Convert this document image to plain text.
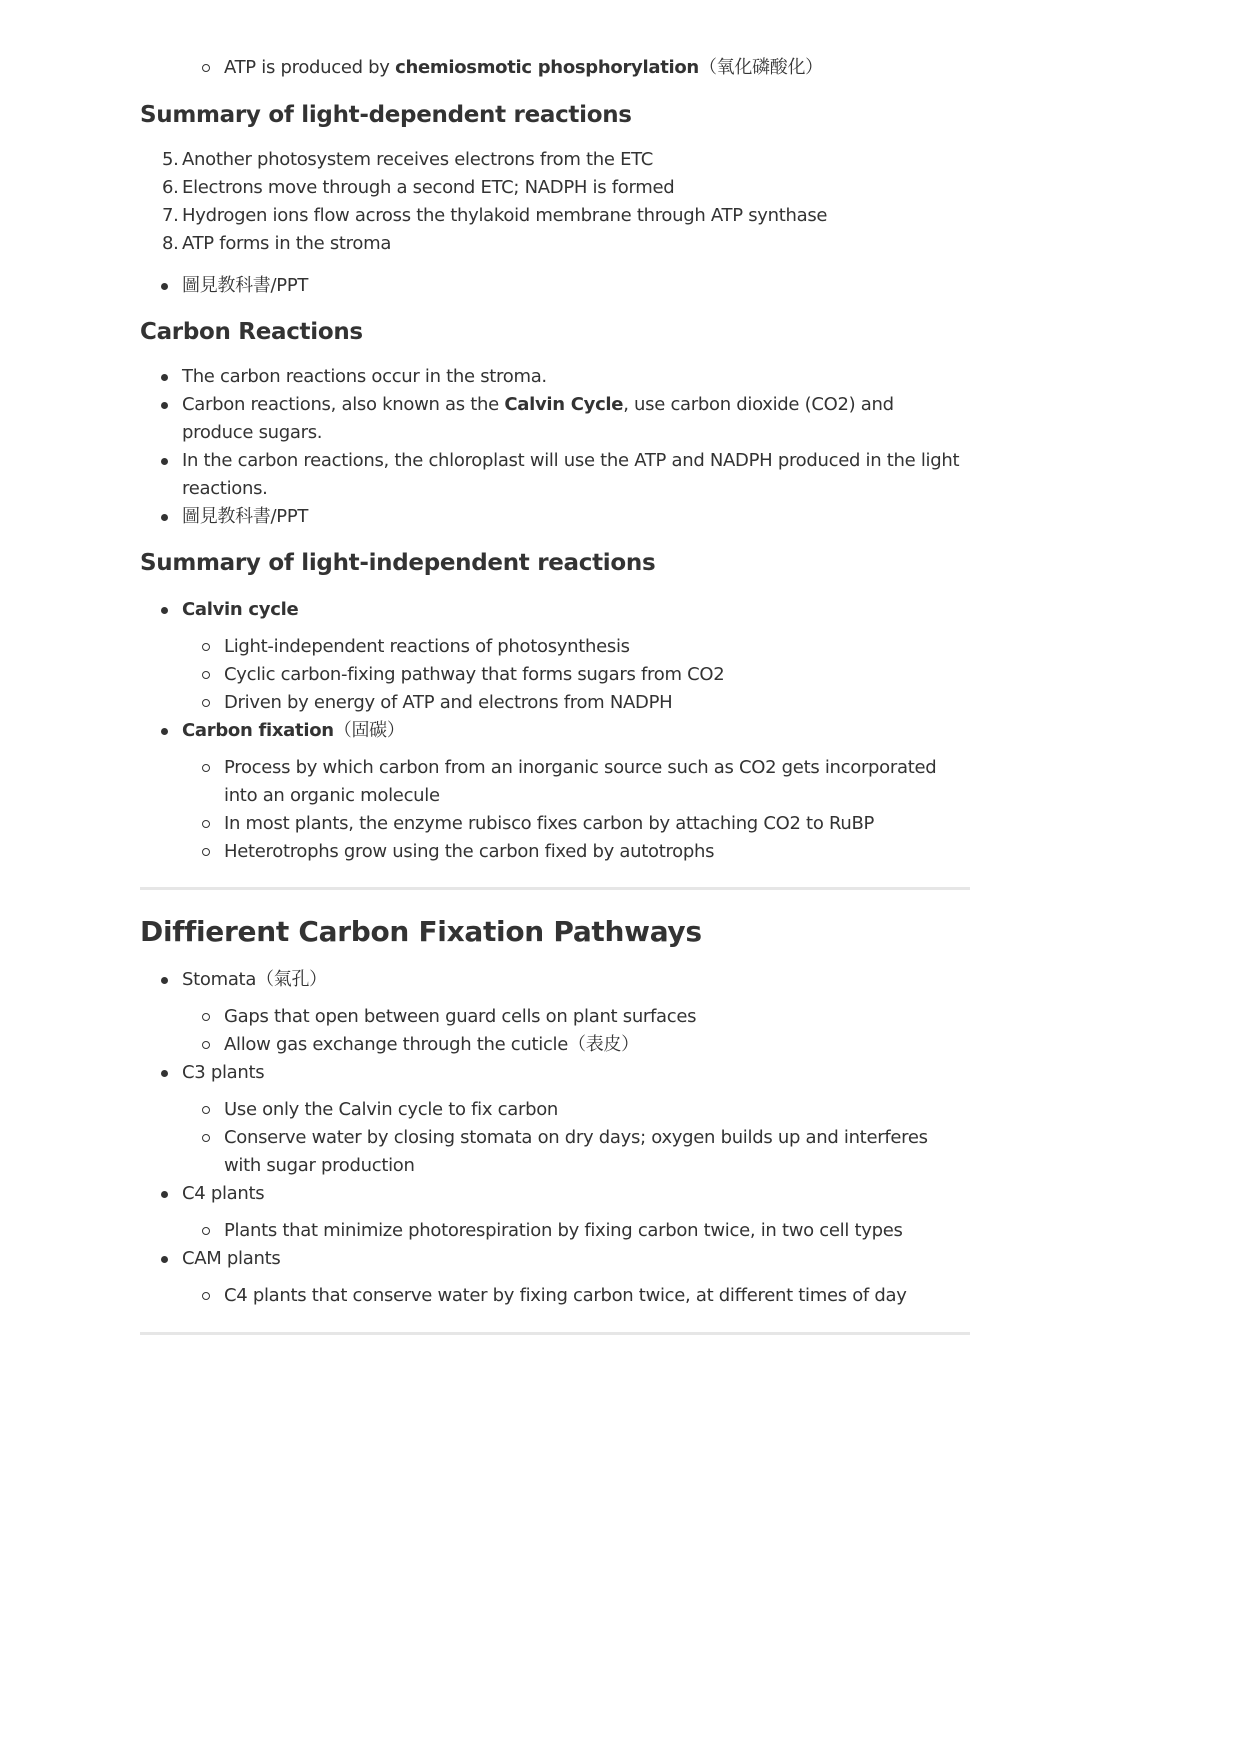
ATP is produced by chemiosmotic phosphorylation（氧化磷酸化）
Summary of light-dependent reactions
5. Another photosystem receives electrons from the ETC
6. Electrons move through a second ETC; NADPH is formed
7. Hydrogen ions flow across the thylakoid membrane through ATP synthase
8. ATP forms in the stroma
圖見教科書/PPT
Carbon Reactions
The carbon reactions occur in the stroma.
Carbon reactions, also known as the Calvin Cycle, use carbon dioxide (CO2) and produce sugars.
In the carbon reactions, the chloroplast will use the ATP and NADPH produced in the light reactions.
圖見教科書/PPT
Summary of light-independent reactions
Calvin cycle
Light-independent reactions of photosynthesis
Cyclic carbon-fixing pathway that forms sugars from CO2
Driven by energy of ATP and electrons from NADPH
Carbon fixation（固碳）
Process by which carbon from an inorganic source such as CO2 gets incorporated into an organic molecule
In most plants, the enzyme rubisco fixes carbon by attaching CO2 to RuBP
Heterotrophs grow using the carbon fixed by autotrophs
Diffierent Carbon Fixation Pathways
Stomata（氣孔）
Gaps that open between guard cells on plant surfaces
Allow gas exchange through the cuticle（表皮）
C3 plants
Use only the Calvin cycle to fix carbon
Conserve water by closing stomata on dry days; oxygen builds up and interferes with sugar production
C4 plants
Plants that minimize photorespiration by fixing carbon twice, in two cell types
CAM plants
C4 plants that conserve water by fixing carbon twice, at different times of day
